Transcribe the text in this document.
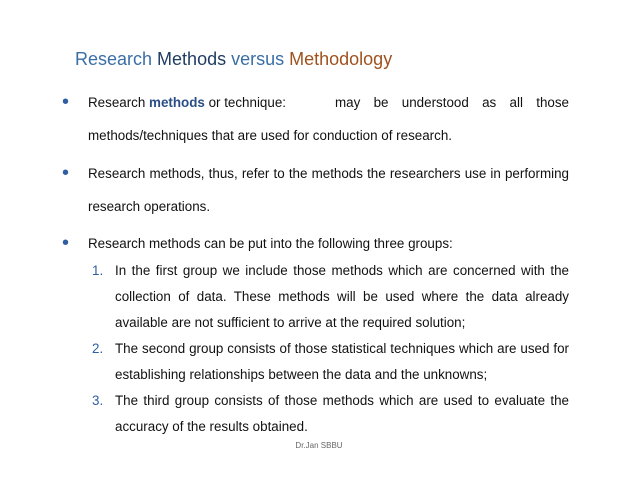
Research Methods versus Methodology
• Research methods or technique:	may be understood as all those
methods/techniques that are used for conduction of research.
• Research methods, thus, refer to the methods the researchers use in performing
research operations.
• Research methods can be put into the following three groups:
1. In the first group we include those methods which are concerned with the
collection of data. These methods will be used where the data already
available are not sufficient to arrive at the required solution;
2. The second group consists of those statistical techniques which are used for
establishing relationships between the data and the unknowns;
3. The third group consists of those methods which are used to evaluate the
accuracy of the results obtained.
Dr.Jan SBBU
